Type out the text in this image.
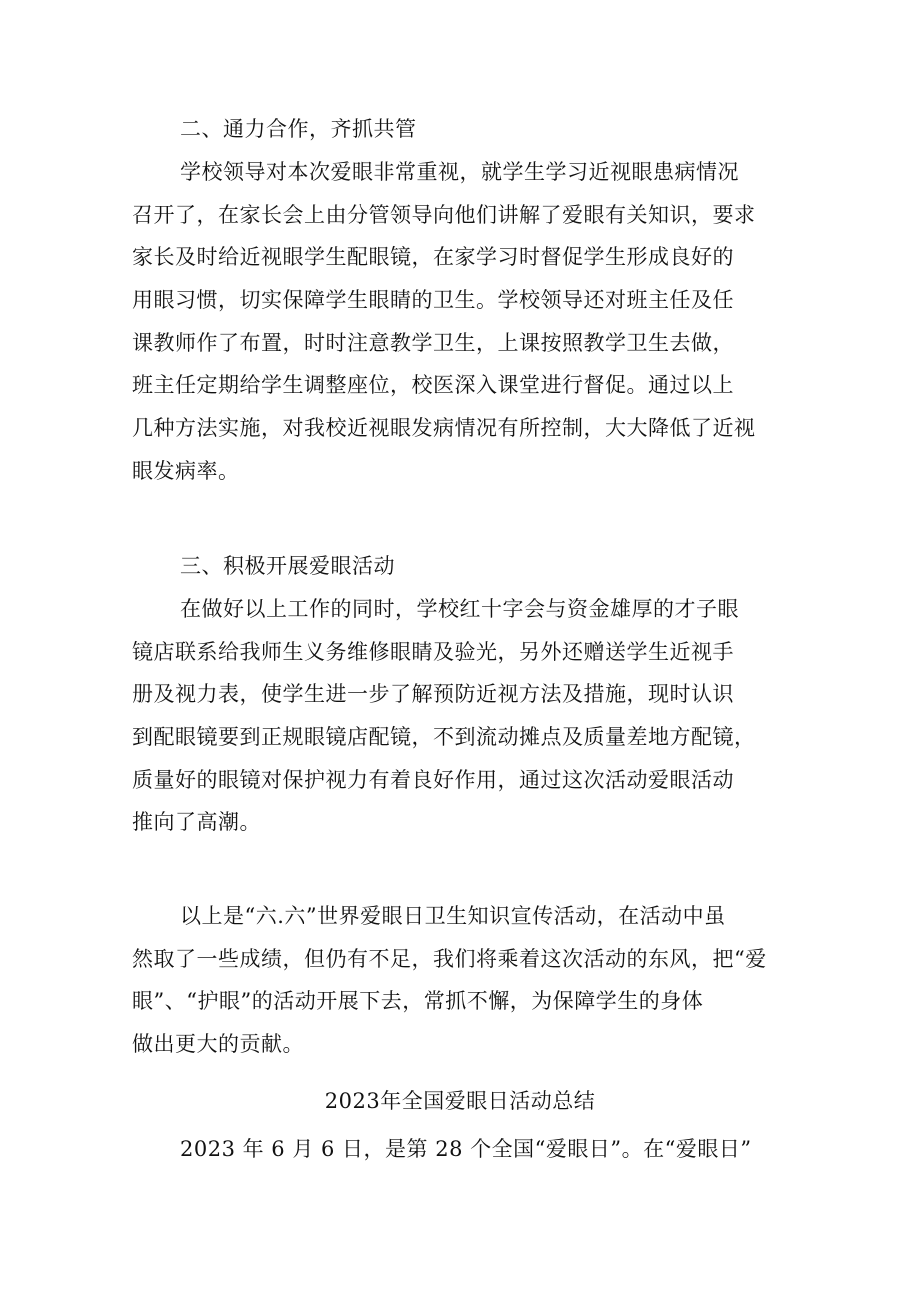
二、通力合作，齐抓共管
学校领导对本次爱眼非常重视，就学生学习近视眼患病情况
召开了，在家长会上由分管领导向他们讲解了爱眼有关知识，要求
家长及时给近视眼学生配眼镜，在家学习时督促学生形成良好的
用眼习惯，切实保障学生眼睛的卫生。学校领导还对班主任及任
课教师作了布置，时时注意教学卫生，上课按照教学卫生去做，
班主任定期给学生调整座位，校医深入课堂进行督促。通过以上
几种方法实施，对我校近视眼发病情况有所控制，大大降低了近视
眼发病率。
三、积极开展爱眼活动
在做好以上工作的同时，学校红十字会与资金雄厚的才子眼
镜店联系给我师生义务维修眼睛及验光，另外还赠送学生近视手
册及视力表，使学生进一步了解预防近视方法及措施，现时认识
到配眼镜要到正规眼镜店配镜，不到流动摊点及质量差地方配镜，
质量好的眼镜对保护视力有着良好作用，通过这次活动爱眼活动
推向了高潮。
以上是“六.六”世界爱眼日卫生知识宣传活动，在活动中虽
然取了一些成绩，但仍有不足，我们将乘着这次活动的东风，把“爱
眼”、“护眼”的活动开展下去，常抓不懈，为保障学生的身体
做出更大的贡献。
2023年全国爱眼日活动总结
2023 年 6 月 6 日，是第 28 个全国“爱眼日”。在“爱眼日”
